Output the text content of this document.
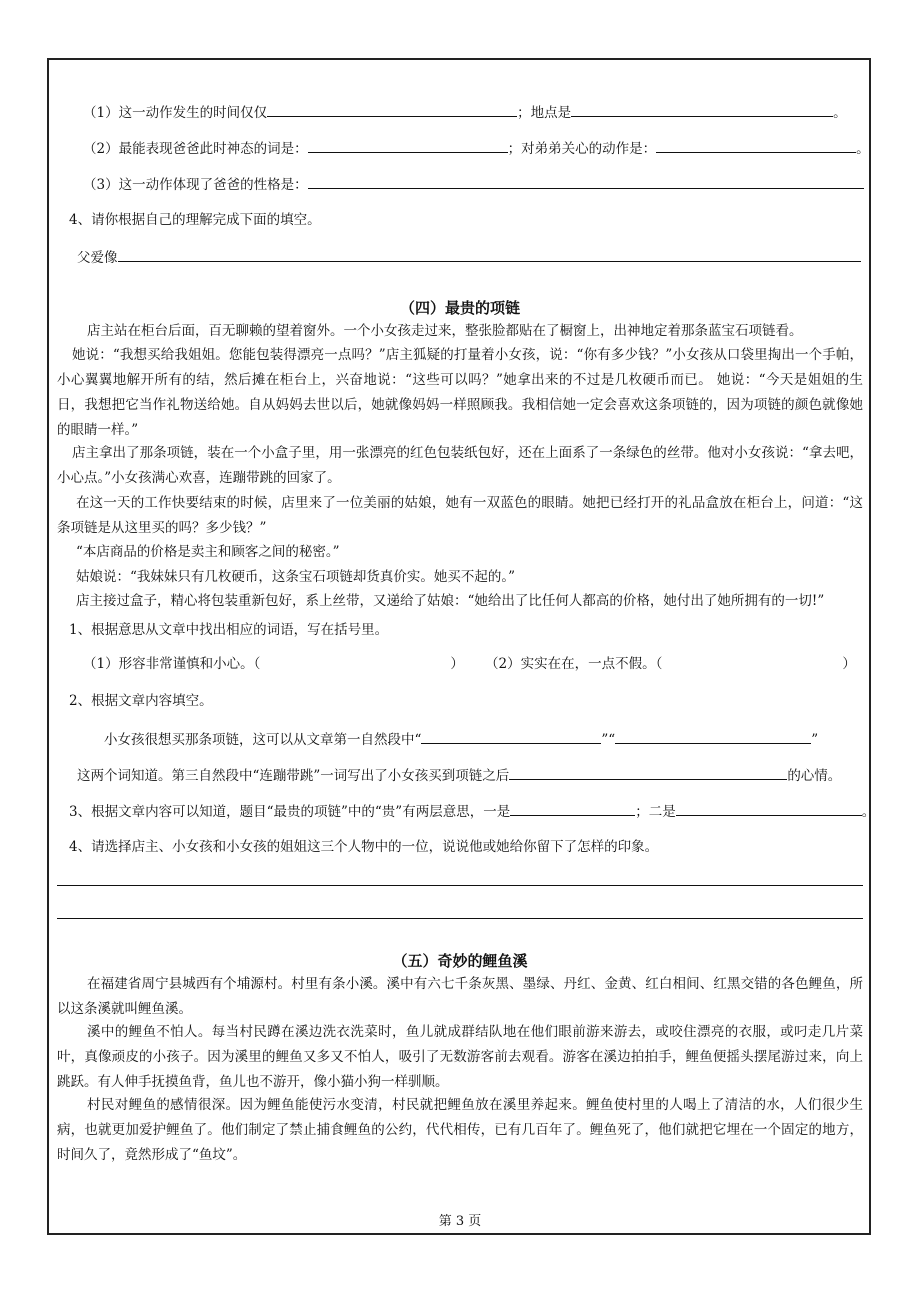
（1）这一动作发生的时间仅仅	；地点是	。
（2）最能表现爸爸此时神态的词是：	；对弟弟关心的动作是：	。
（3）这一动作体现了爸爸的性格是：
4、请你根据自己的理解完成下面的填空。
父爱像
（四）最贵的项链
店主站在柜台后面，百无聊赖的望着窗外。一个小女孩走过来，整张脸都贴在了橱窗上，出神地定着那条蓝宝石项链看。
她说：“我想买给我姐姐。您能包装得漂亮一点吗？”店主狐疑的打量着小女孩，说：“你有多少钱？”小女孩从口袋里掏出一个手帕，小心翼翼地解开所有的结，然后摊在柜台上，兴奋地说：“这些可以吗？”她拿出来的不过是几枚硬币而已。 她说：“今天是姐姐的生日，我想把它当作礼物送给她。自从妈妈去世以后，她就像妈妈一样照顾我。我相信她一定会喜欢这条项链的，因为项链的颜色就像她的眼睛一样。”
店主拿出了那条项链，装在一个小盒子里，用一张漂亮的红色包装纸包好，还在上面系了一条绿色的丝带。他对小女孩说：“拿去吧，小心点。”小女孩满心欢喜，连蹦带跳的回家了。
在这一天的工作快要结束的时候，店里来了一位美丽的姑娘，她有一双蓝色的眼睛。她把已经打开的礼品盒放在柜台上，问道：“这条项链是从这里买的吗？多少钱？”
“本店商品的价格是卖主和顾客之间的秘密。”
姑娘说：“我妹妹只有几枚硬币，这条宝石项链却货真价实。她买不起的。”
店主接过盒子，精心将包装重新包好，系上丝带，又递给了姑娘：“她给出了比任何人都高的价格，她付出了她所拥有的一切!”
1、根据意思从文章中找出相应的词语，写在括号里。
（1）形容非常谨慎和小心。（	） （2）实实在在，一点不假。（	）
2、根据文章内容填空。
小女孩很想买那条项链，这可以从文章第一自然段中“	”“	”
这两个词知道。第三自然段中“连蹦带跳”一词写出了小女孩买到项链之后	的心情。
3、根据文章内容可以知道，题目“最贵的项链”中的“贵”有两层意思，一是	；二是	。
4、请选择店主、小女孩和小女孩的姐姐这三个人物中的一位，说说他或她给你留下了怎样的印象。
（五）奇妙的鲤鱼溪
在福建省周宁县城西有个埔源村。村里有条小溪。溪中有六七千条灰黑、墨绿、丹红、金黄、红白相间、红黑交错的各色鲤鱼，所以这条溪就叫鲤鱼溪。
溪中的鲤鱼不怕人。每当村民蹲在溪边洗衣洗菜时，鱼儿就成群结队地在他们眼前游来游去，或咬住漂亮的衣服，或叼走几片菜叶，真像顽皮的小孩子。因为溪里的鲤鱼又多又不怕人，吸引了无数游客前去观看。游客在溪边拍拍手，鲤鱼便摇头摆尾游过来，向上跳跃。有人伸手抚摸鱼背，鱼儿也不游开，像小猫小狗一样驯顺。
村民对鲤鱼的感情很深。因为鲤鱼能使污水变清，村民就把鲤鱼放在溪里养起来。鲤鱼使村里的人喝上了清洁的水，人们很少生病，也就更加爱护鲤鱼了。他们制定了禁止捕食鲤鱼的公约，代代相传，已有几百年了。鲤鱼死了，他们就把它埋在一个固定的地方，时间久了，竟然形成了“鱼坟”。
第 3 页
